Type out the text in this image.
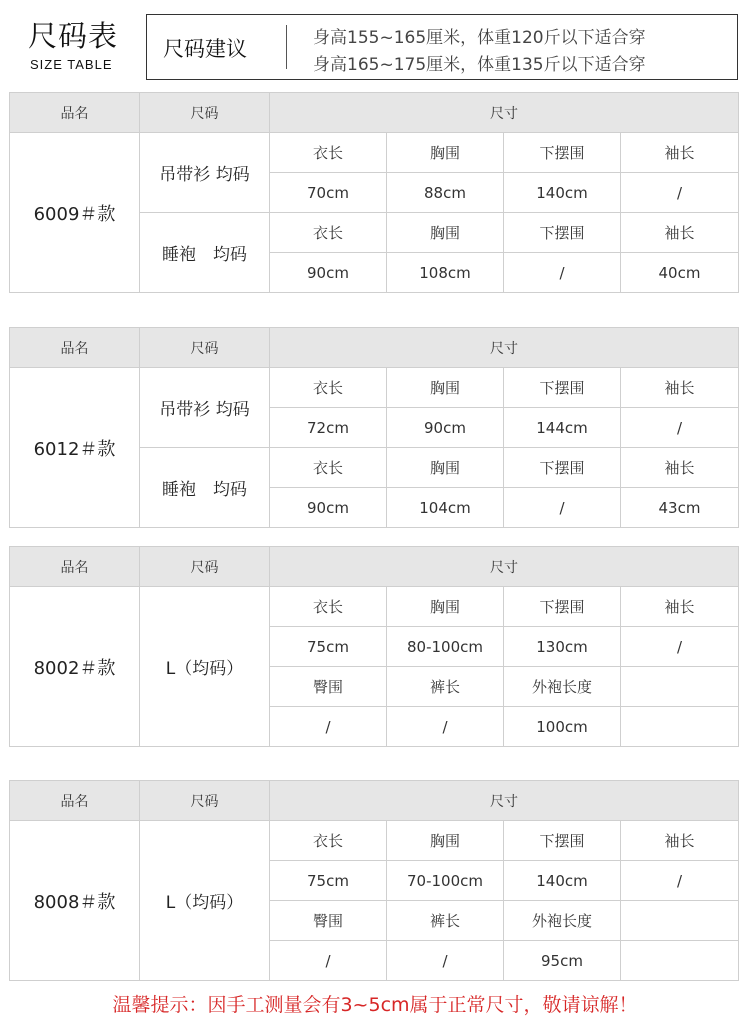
尺码表
SIZE TABLE
尺码建议	身高155~165厘米，体重120斤以下适合穿
身高165~175厘米，体重135斤以下适合穿
品名	尺码	尺寸			
6009＃款	吊带衫 均码	衣长	胸围	下摆围	袖长
		70cm	88cm	140cm	/
	睡袍　均码	衣长	胸围	下摆围	袖长
		90cm	108cm	/	40cm
品名	尺码	尺寸			
6012＃款	吊带衫 均码	衣长	胸围	下摆围	袖长
		72cm	90cm	144cm	/
	睡袍　均码	衣长	胸围	下摆围	袖长
		90cm	104cm	/	43cm
品名	尺码	尺寸			
8002＃款	L（均码）	衣长	胸围	下摆围	袖长
		75cm	80-100cm	130cm	/
		臀围	裤长	外袍长度	
		/	/	100cm	
品名	尺码	尺寸			
8008＃款	L（均码）	衣长	胸围	下摆围	袖长
		75cm	70-100cm	140cm	/
		臀围	裤长	外袍长度	
		/	/	95cm	
温馨提示：因手工测量会有3~5cm属于正常尺寸，敬请谅解！
